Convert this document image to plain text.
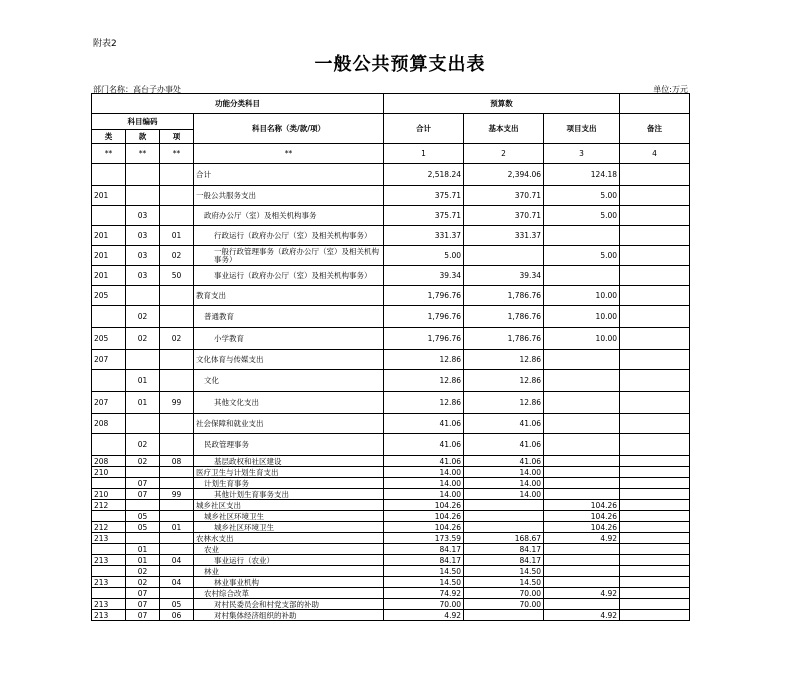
附表2
一般公共预算支出表
部门名称：高台子办事处	单位:万元
功能分类科目				预算数			
科目编码			科目名称（类/款/项）	合计	基本支出	项目支出	备注
类	款	项					
**	**	**	**	1	2	3	4
			合计	2,518.24	2,394.06	124.18	
201			一般公共服务支出	375.71	370.71	5.00	
	03		政府办公厅（室）及相关机构事务	375.71	370.71	5.00	
201	03	01	行政运行（政府办公厅（室）及相关机构事务）	331.37	331.37		
201	03	02	一般行政管理事务（政府办公厅（室）及相关机构事务）	5.00		5.00	
201	03	50	事业运行（政府办公厅（室）及相关机构事务）	39.34	39.34		
205			教育支出	1,796.76	1,786.76	10.00	
	02		普通教育	1,796.76	1,786.76	10.00	
205	02	02	小学教育	1,796.76	1,786.76	10.00	
207			文化体育与传媒支出	12.86	12.86		
	01		文化	12.86	12.86		
207	01	99	其他文化支出	12.86	12.86		
208			社会保障和就业支出	41.06	41.06		
	02		民政管理事务	41.06	41.06		
208	02	08	基层政权和社区建设	41.06	41.06		
210			医疗卫生与计划生育支出	14.00	14.00		
	07		计划生育事务	14.00	14.00		
210	07	99	其他计划生育事务支出	14.00	14.00		
212			城乡社区支出	104.26		104.26	
	05		城乡社区环境卫生	104.26		104.26	
212	05	01	城乡社区环境卫生	104.26		104.26	
213			农林水支出	173.59	168.67	4.92	
	01		农业	84.17	84.17		
213	01	04	事业运行（农业）	84.17	84.17		
	02		林业	14.50	14.50		
213	02	04	林业事业机构	14.50	14.50		
	07		农村综合改革	74.92	70.00	4.92	
213	07	05	对村民委员会和村党支部的补助	70.00	70.00		
213	07	06	对村集体经济组织的补助	4.92		4.92	
